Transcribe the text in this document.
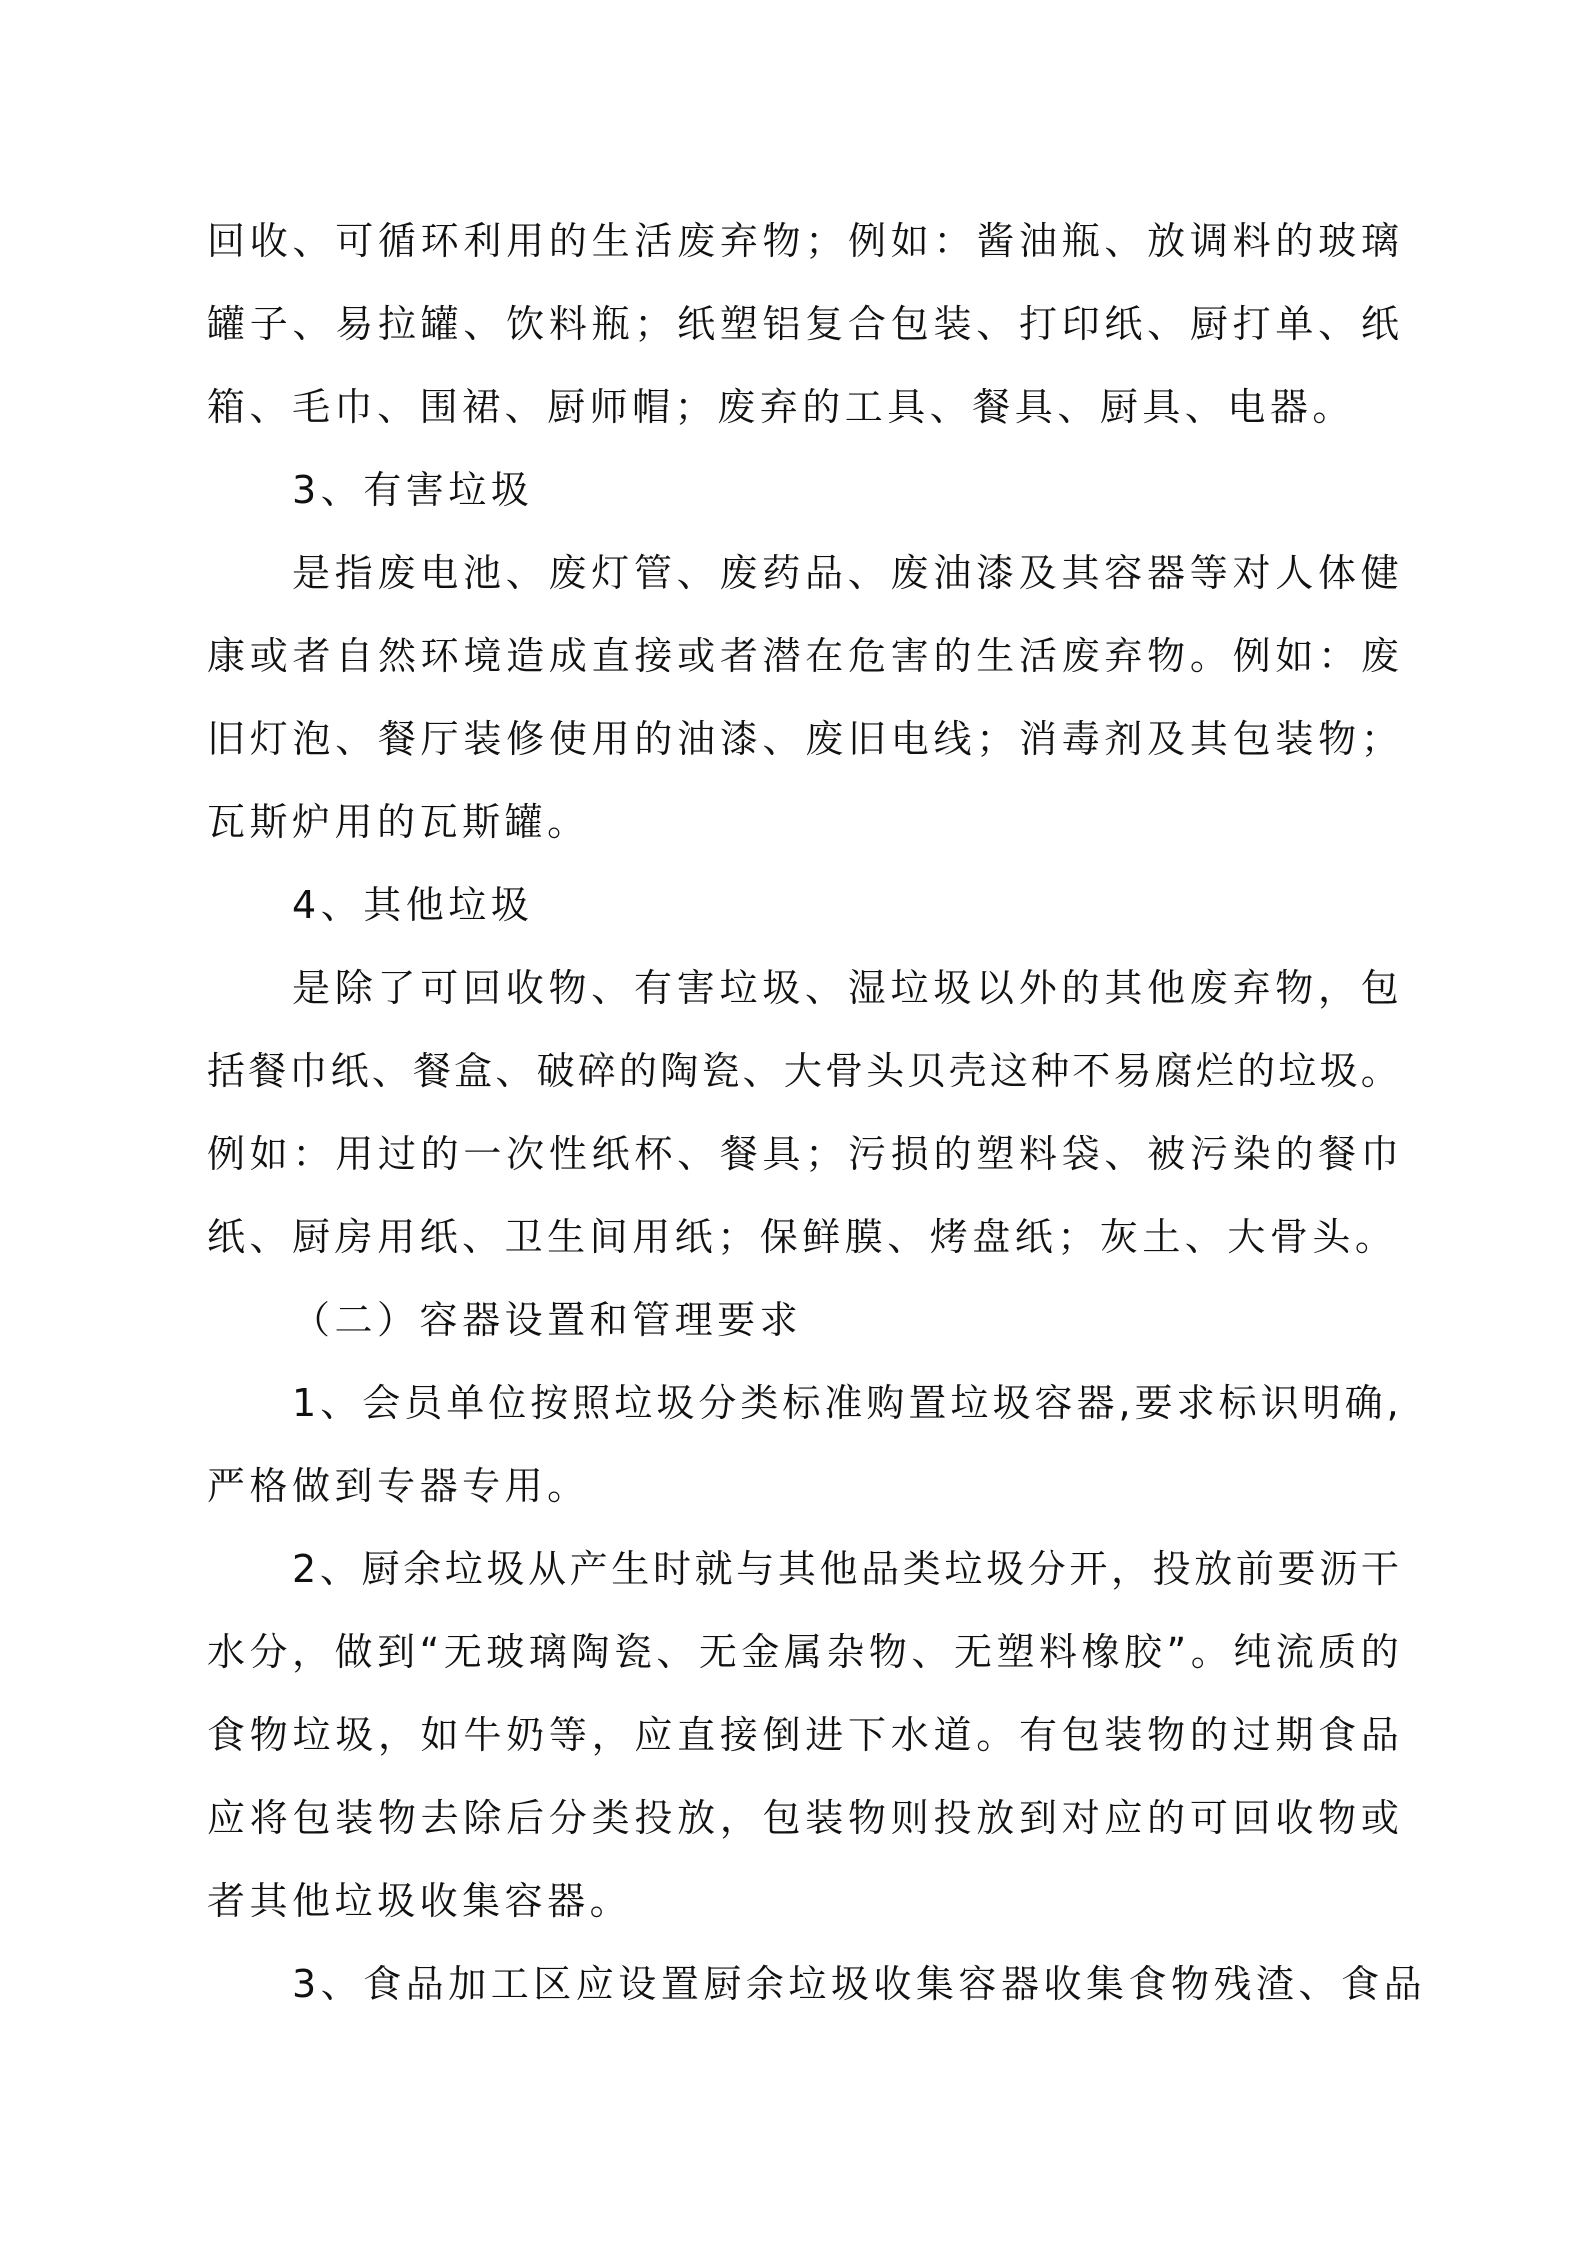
回 收 、 可 循 环 利 用 的 生 活 废 弃 物 ； 例 如 ： 酱 油 瓶 、 放 调 料 的 玻 璃
罐 子 、 易 拉 罐 、 饮 料 瓶 ； 纸 塑 铝 复 合 包 装 、 打 印 纸 、 厨 打 单 、 纸
箱 、 毛 巾 、 围 裙 、 厨 师 帽 ； 废 弃 的 工 具 、 餐 具 、 厨 具 、 电 器 。
3 、 有 害 垃 圾
是 指 废 电 池 、 废 灯 管 、 废 药 品 、 废 油 漆 及 其 容 器 等 对 人 体 健
康 或 者 自 然 环 境 造 成 直 接 或 者 潜 在 危 害 的 生 活 废 弃 物 。 例 如 ： 废
旧 灯 泡 、 餐 厅 装 修 使 用 的 油 漆 、 废 旧 电 线 ； 消 毒 剂 及 其 包 装 物 ；
瓦 斯 炉 用 的 瓦 斯 罐 。
4 、 其 他 垃 圾
是 除 了 可 回 收 物 、 有 害 垃 圾 、 湿 垃 圾 以 外 的 其 他 废 弃 物 ， 包
括 餐 巾 纸 、 餐 盒 、 破 碎 的 陶 瓷 、 大 骨 头 贝 壳 这 种 不 易 腐 烂 的 垃 圾 。
例 如 ： 用 过 的 一 次 性 纸 杯 、 餐 具 ； 污 损 的 塑 料 袋 、 被 污 染 的 餐 巾
纸 、 厨 房 用 纸 、 卫 生 间 用 纸 ； 保 鲜 膜 、 烤 盘 纸 ； 灰 土 、 大 骨 头 。
（ 二 ） 容 器 设 置 和 管 理 要 求
1 、 会 员 单 位 按 照 垃 圾 分 类 标 准 购 置 垃 圾 容 器 , 要 求 标 识 明 确 ,
严 格 做 到 专 器 专 用 。
2 、 厨 余 垃 圾 从 产 生 时 就 与 其 他 品 类 垃 圾 分 开 ， 投 放 前 要 沥 干
水 分 ， 做 到 “ 无 玻 璃 陶 瓷 、 无 金 属 杂 物 、 无 塑 料 橡 胶 ” 。 纯 流 质 的
食 物 垃 圾 ， 如 牛 奶 等 ， 应 直 接 倒 进 下 水 道 。 有 包 装 物 的 过 期 食 品
应 将 包 装 物 去 除 后 分 类 投 放 ， 包 装 物 则 投 放 到 对 应 的 可 回 收 物 或
者 其 他 垃 圾 收 集 容 器 。
3 、 食 品 加 工 区 应 设 置 厨 余 垃 圾 收 集 容 器 收 集 食 物 残 渣 、 食 品
